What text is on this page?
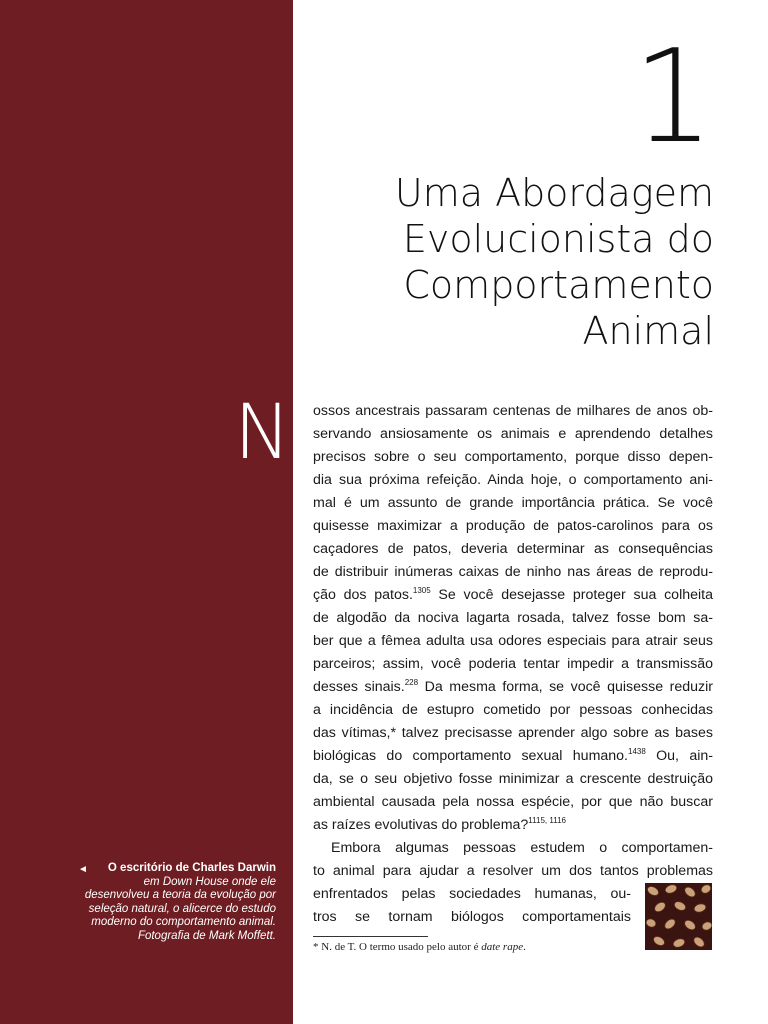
1
Uma Abordagem
Evolucionista do
Comportamento
Animal
N ossos ancestrais passaram centenas de milhares de anos ob-
servando ansiosamente os animais e aprendendo detalhes
precisos sobre o seu comportamento, porque disso depen-
dia sua próxima refeição. Ainda hoje, o comportamento ani-
mal é um assunto de grande importância prática. Se você
quisesse maximizar a produção de patos-carolinos para os
caçadores de patos, deveria determinar as consequências
de distribuir inúmeras caixas de ninho nas áreas de reprodu-
ção dos patos.$^{1305}$ Se você desejasse proteger sua colheita
de algodão da nociva lagarta rosada, talvez fosse bom sa-
ber que a fêmea adulta usa odores especiais para atrair seus
parceiros; assim, você poderia tentar impedir a transmissão
desses sinais.$^{228}$ Da mesma forma, se você quisesse reduzir
a incidência de estupro cometido por pessoas conhecidas
das vítimas,* talvez precisasse aprender algo sobre as bases
biológicas do comportamento sexual humano.$^{1438}$ Ou, ain-
da, se o seu objetivo fosse minimizar a crescente destruição
ambiental causada pela nossa espécie, por que não buscar
as raízes evolutivas do problema?$^{1115, 1116}$
Embora algumas pessoas estudem o comportamen-
to animal para ajudar a resolver um dos tantos problemas
enfrentados pelas sociedades humanas, ou-
tros se tornam biólogos comportamentais
◄ O escritório de Charles Darwin
em Down House onde ele desenvolveu a teoria da evolução por seleção natural, o alicerce do estudo moderno do comportamento animal. Fotografia de Mark Moffett.
* N. de T. O termo usado pelo autor é date rape.
